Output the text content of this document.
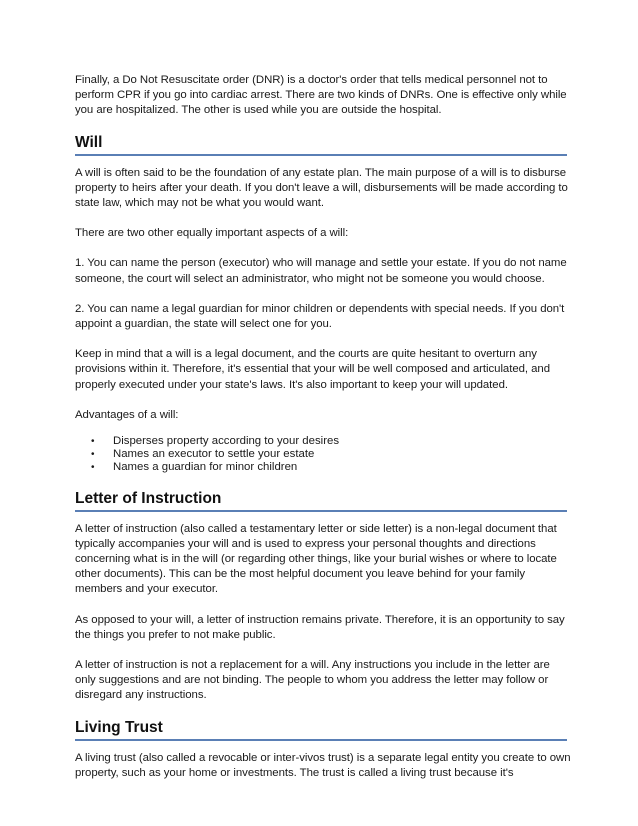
Finally, a Do Not Resuscitate order (DNR) is a doctor's order that tells medical personnel not to perform CPR if you go into cardiac arrest. There are two kinds of DNRs. One is effective only while you are hospitalized. The other is used while you are outside the hospital.

Will

A will is often said to be the foundation of any estate plan. The main purpose of a will is to disburse property to heirs after your death. If you don't leave a will, disbursements will be made according to state law, which may not be what you would want.

There are two other equally important aspects of a will:

1. You can name the person (executor) who will manage and settle your estate. If you do not name someone, the court will select an administrator, who might not be someone you would choose.

2. You can name a legal guardian for minor children or dependents with special needs. If you don't appoint a guardian, the state will select one for you.

Keep in mind that a will is a legal document, and the courts are quite hesitant to overturn any provisions within it. Therefore, it's essential that your will be well composed and articulated, and properly executed under your state's laws. It's also important to keep your will updated.

Advantages of a will:

• Disperses property according to your desires
• Names an executor to settle your estate
• Names a guardian for minor children
Letter of Instruction

A letter of instruction (also called a testamentary letter or side letter) is a non-legal document that typically accompanies your will and is used to express your personal thoughts and directions concerning what is in the will (or regarding other things, like your burial wishes or where to locate other documents). This can be the most helpful document you leave behind for your family members and your executor.

As opposed to your will, a letter of instruction remains private. Therefore, it is an opportunity to say the things you prefer to not make public.

A letter of instruction is not a replacement for a will. Any instructions you include in the letter are only suggestions and are not binding. The people to whom you address the letter may follow or disregard any instructions.

Living Trust

A living trust (also called a revocable or inter-vivos trust) is a separate legal entity you create to own property, such as your home or investments. The trust is called a living trust because it's
